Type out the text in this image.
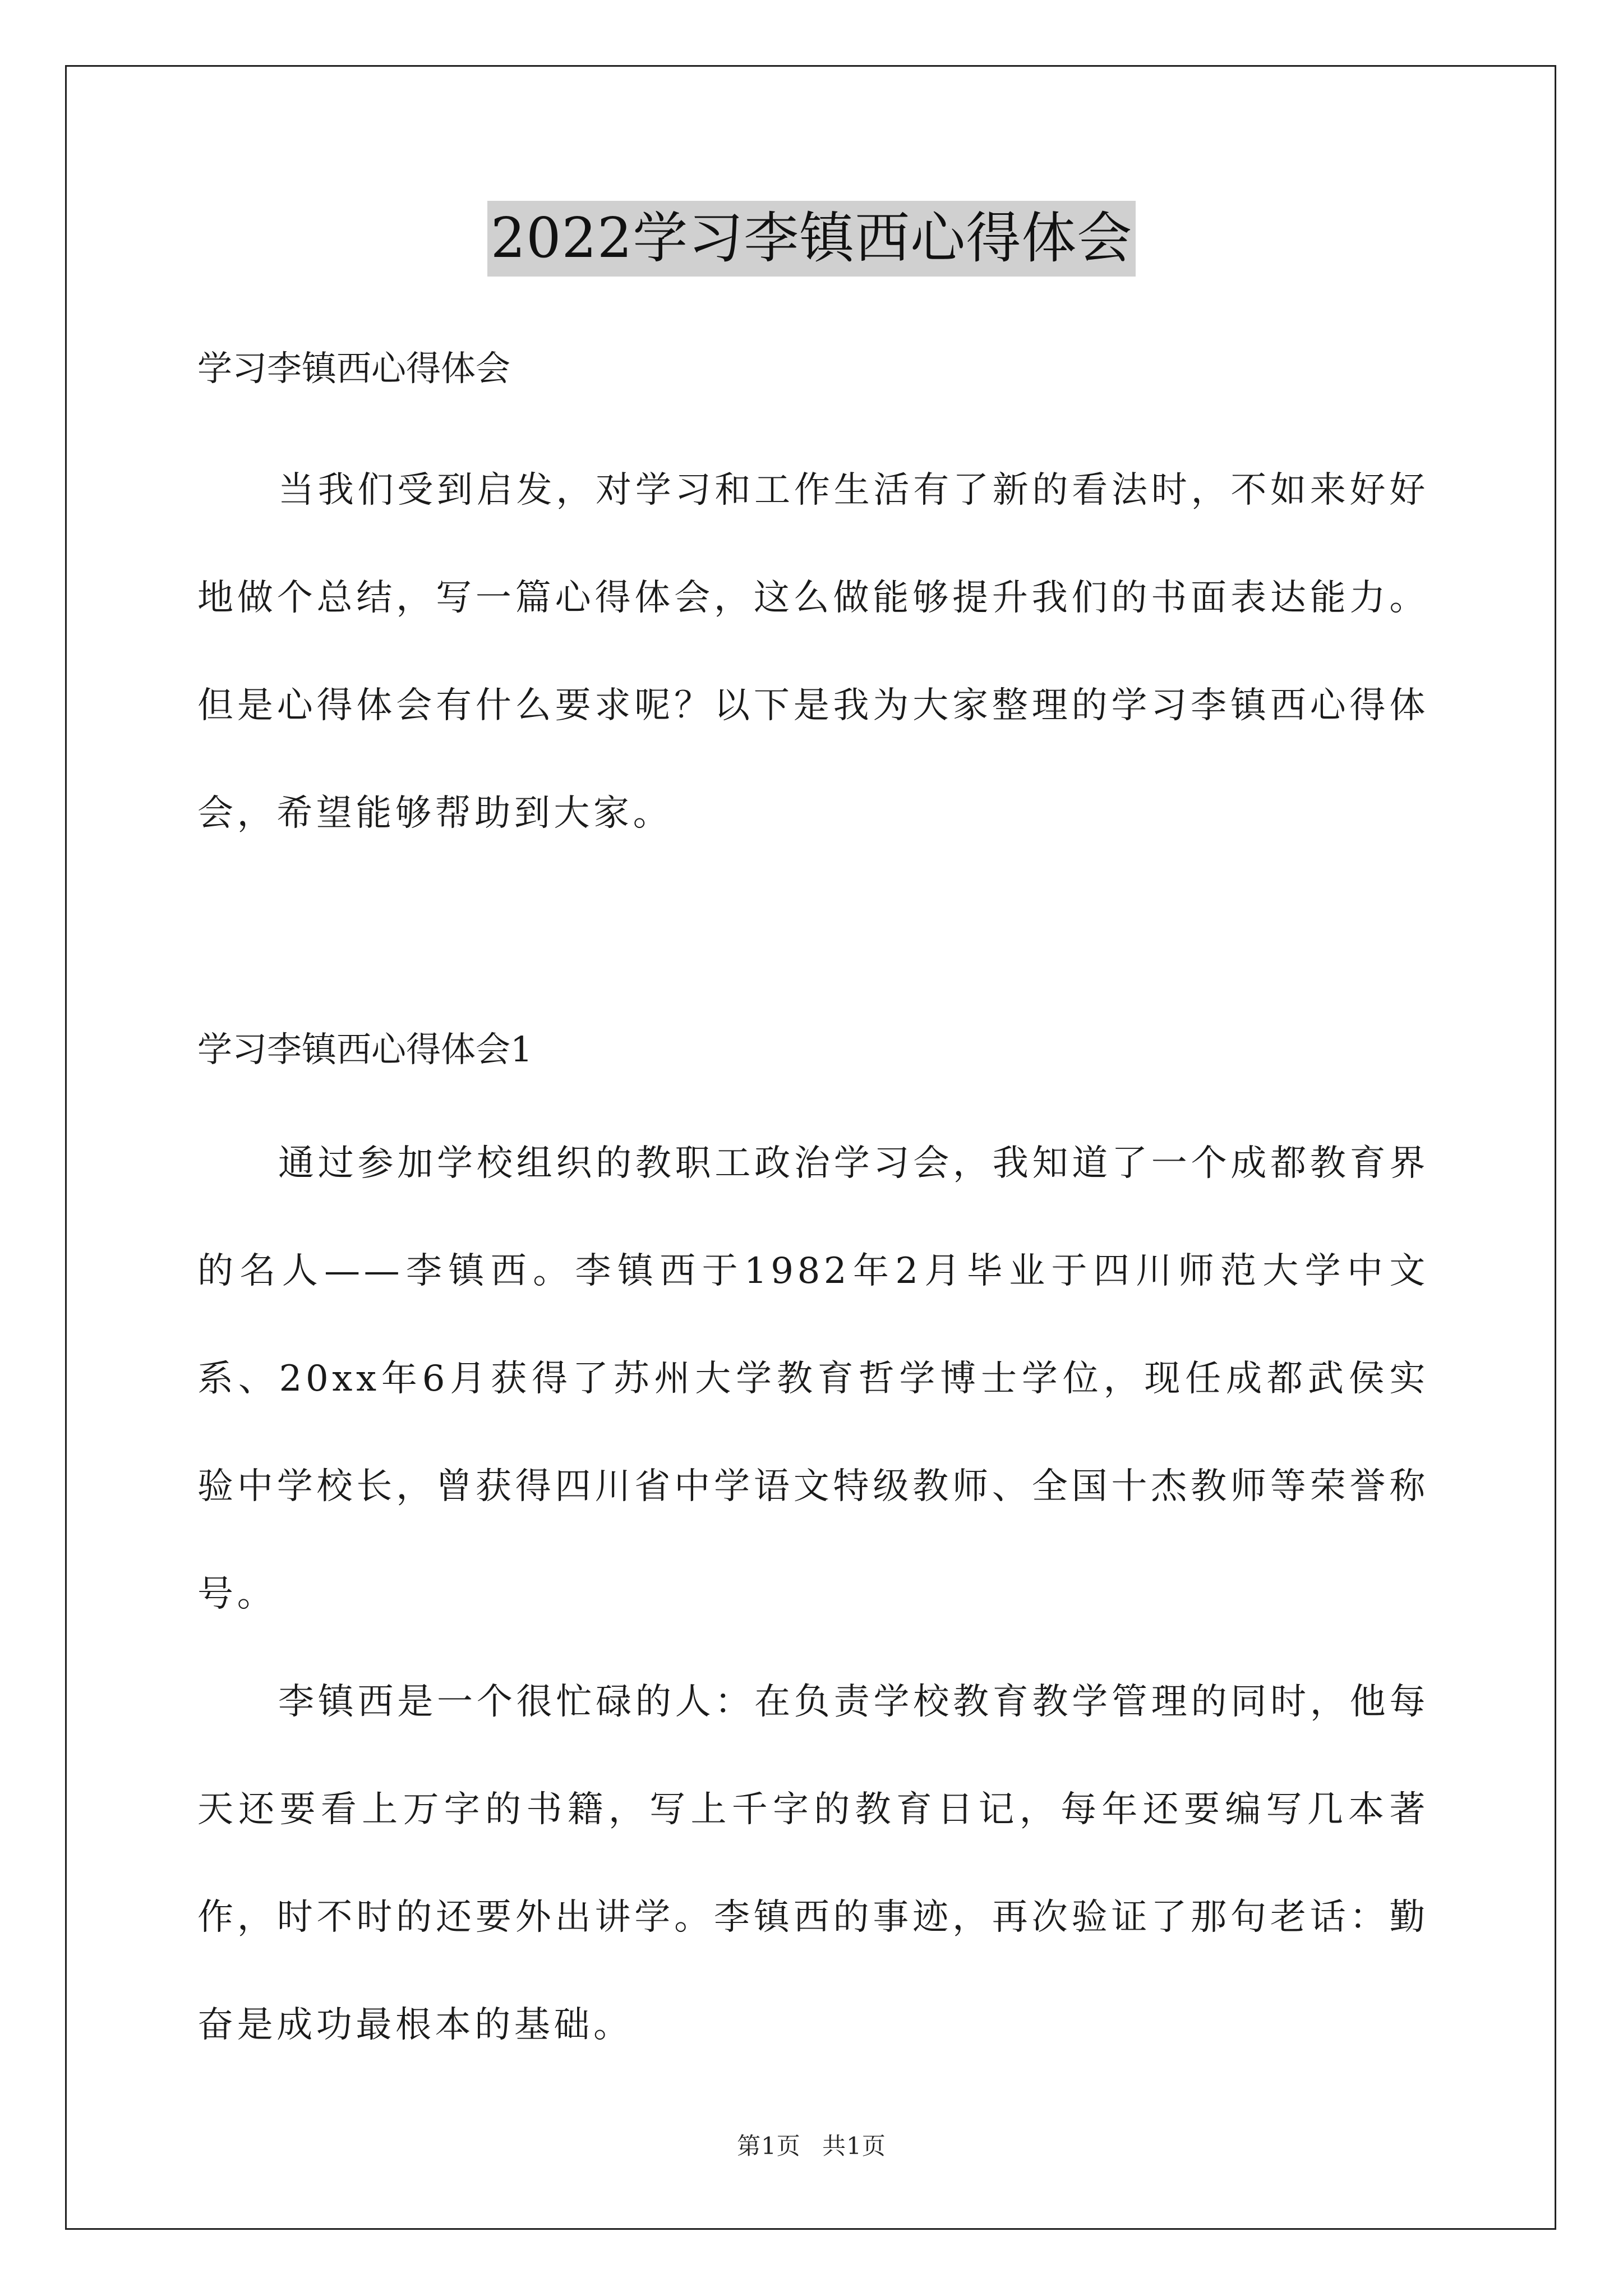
2022学习李镇西心得体会

学习李镇西心得体会

当我们受到启发，对学习和工作生活有了新的看法时，不如来好好地做个总结，写一篇心得体会，这么做能够提升我们的书面表达能力。但是心得体会有什么要求呢？以下是我为大家整理的学习李镇西心得体会，希望能够帮助到大家。

学习李镇西心得体会1

通过参加学校组织的教职工政治学习会，我知道了一个成都教育界的名人——李镇西。李镇西于1982年2月毕业于四川师范大学中文系、20xx年6月获得了苏州大学教育哲学博士学位，现任成都武侯实验中学校长，曾获得四川省中学语文特级教师、全国十杰教师等荣誉称号。

李镇西是一个很忙碌的人：在负责学校教育教学管理的同时，他每天还要看上万字的书籍，写上千字的教育日记，每年还要编写几本著作，时不时的还要外出讲学。李镇西的事迹，再次验证了那句老话：勤奋是成功最根本的基础。

第1页 共1页
